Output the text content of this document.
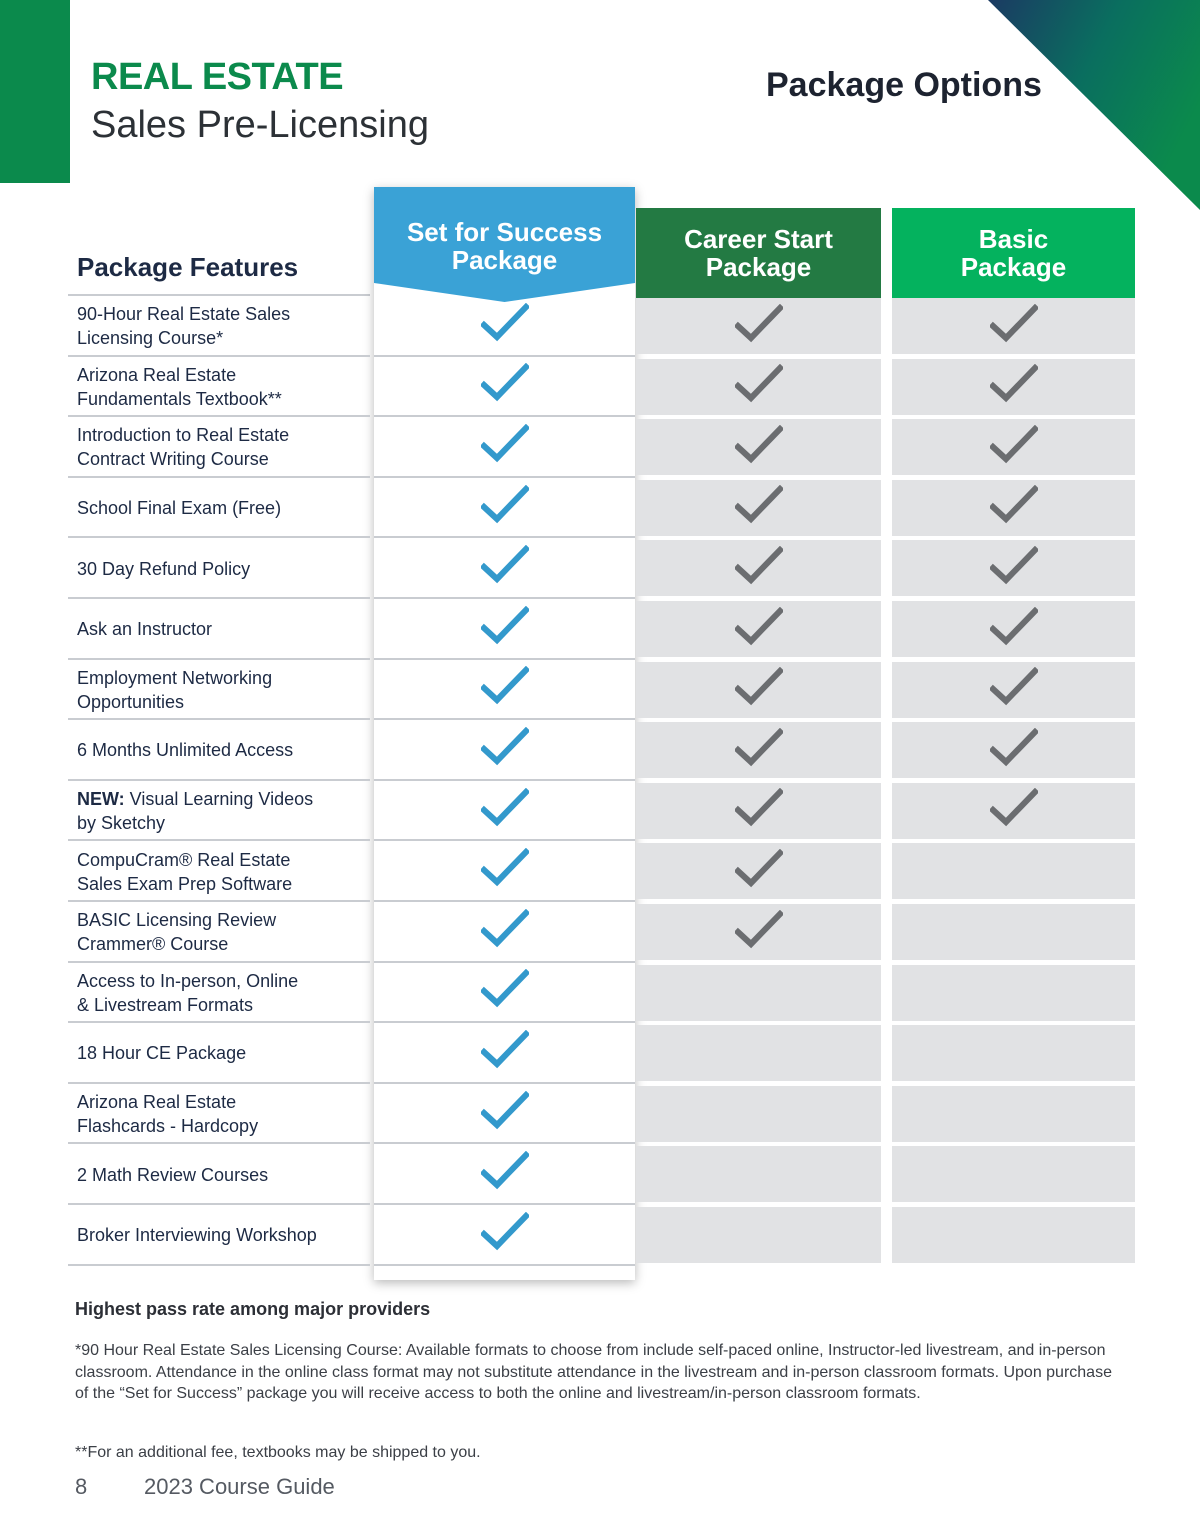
REAL ESTATE
Sales Pre-Licensing
Package Options
Package Features
Set for Success
Package
Career Start
Package
Basic
Package
90-Hour Real Estate Sales
Licensing Course*
Arizona Real Estate
Fundamentals Textbook**
Introduction to Real Estate
Contract Writing Course
School Final Exam (Free)
30 Day Refund Policy
Ask an Instructor
Employment Networking
Opportunities
6 Months Unlimited Access
NEW: Visual Learning Videos
by Sketchy
CompuCram® Real Estate
Sales Exam Prep Software
BASIC Licensing Review
Crammer® Course
Access to In-person, Online
& Livestream Formats
18 Hour CE Package
Arizona Real Estate
Flashcards - Hardcopy
2 Math Review Courses
Broker Interviewing Workshop
Highest pass rate among major providers
*90 Hour Real Estate Sales Licensing Course: Available formats to choose from include self-paced online, Instructor-led livestream, and in-person classroom. Attendance in the online class format may not substitute attendance in the livestream and in-person classroom formats. Upon purchase of the “Set for Success” package you will receive access to both the online and livestream/in-person classroom formats.
**For an additional fee, textbooks may be shipped to you.
8	2023 Course Guide
